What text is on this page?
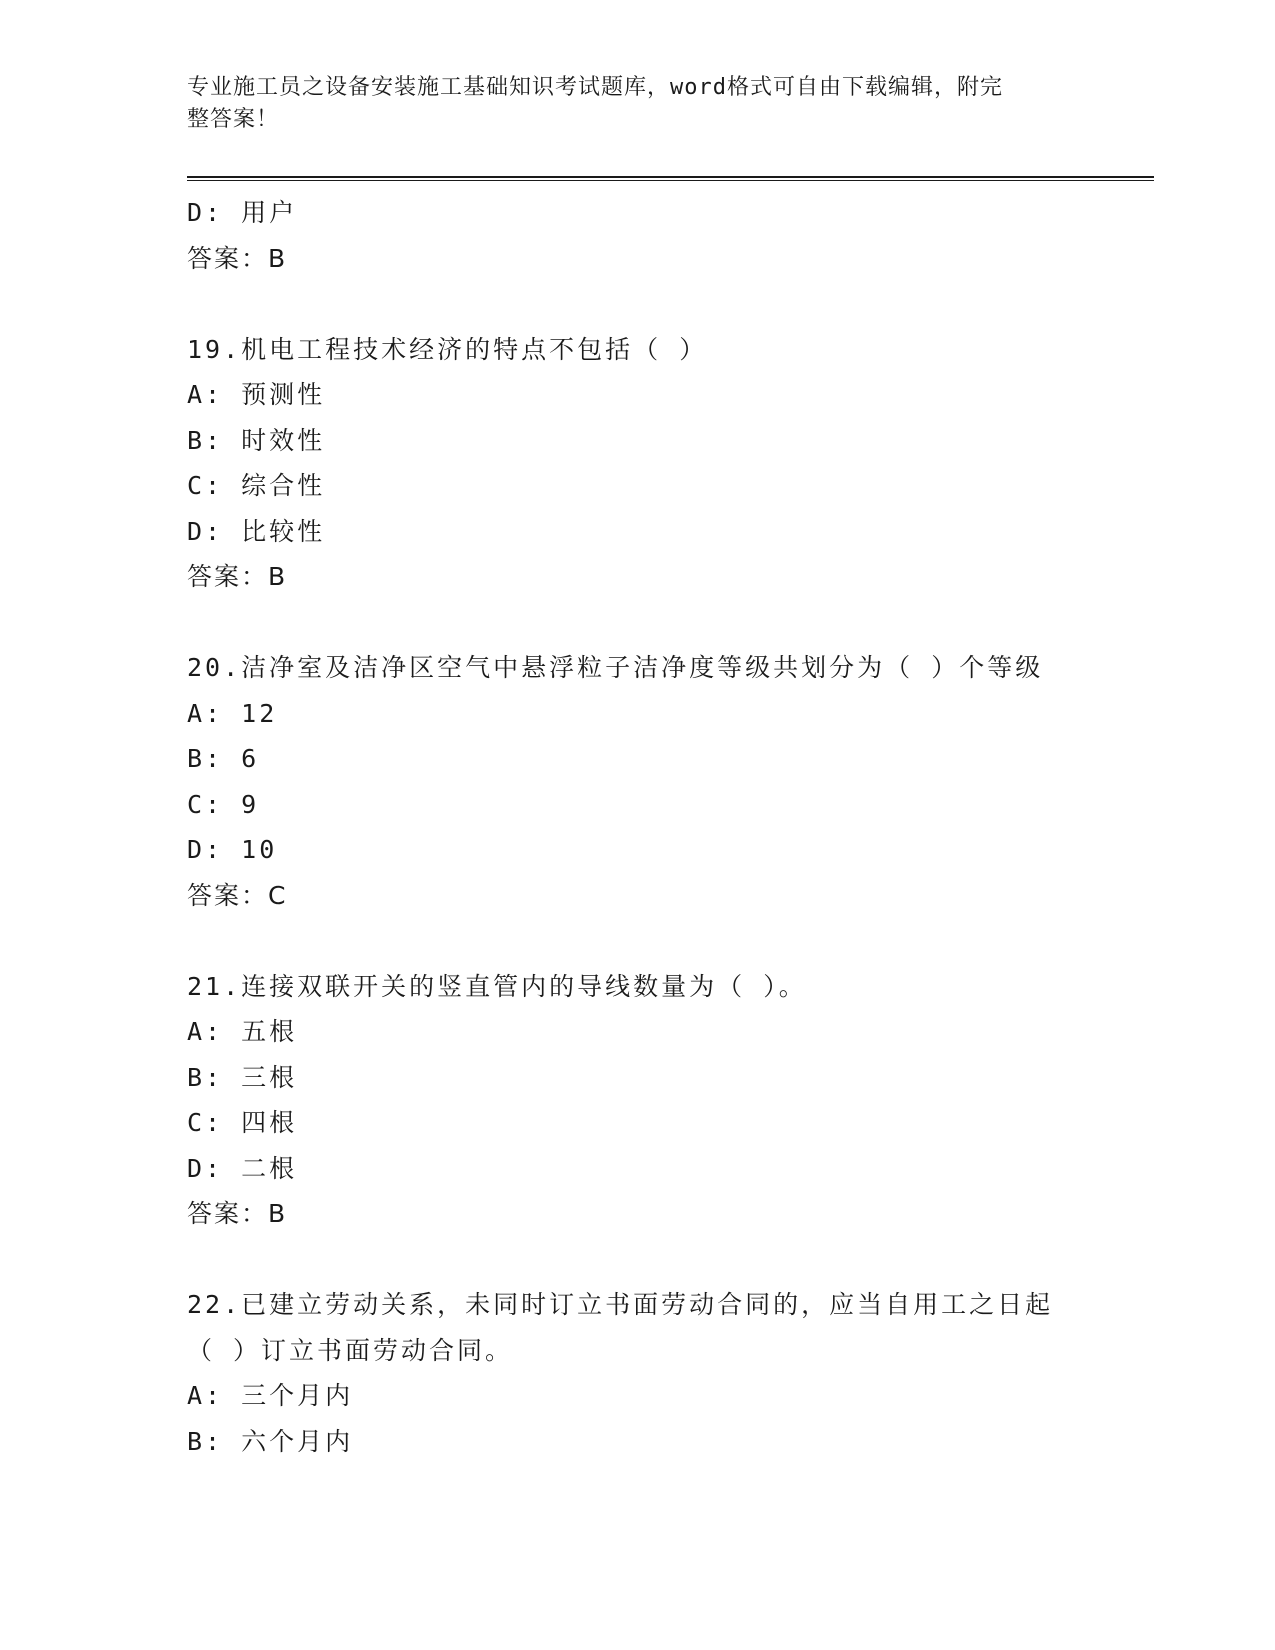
专业施工员之设备安装施工基础知识考试题库，word格式可自由下载编辑，附完
整答案！
D: 用户
答案：B
19.机电工程技术经济的特点不包括（ ）
A: 预测性
B: 时效性
C: 综合性
D: 比较性
答案：B
20.洁净室及洁净区空气中悬浮粒子洁净度等级共划分为（ ）个等级
A: 12
B: 6
C: 9
D: 10
答案：C
21.连接双联开关的竖直管内的导线数量为（ ）。
A: 五根
B: 三根
C: 四根
D: 二根
答案：B
22.已建立劳动关系，未同时订立书面劳动合同的，应当自用工之日起
（ ）订立书面劳动合同。
A: 三个月内
B: 六个月内
